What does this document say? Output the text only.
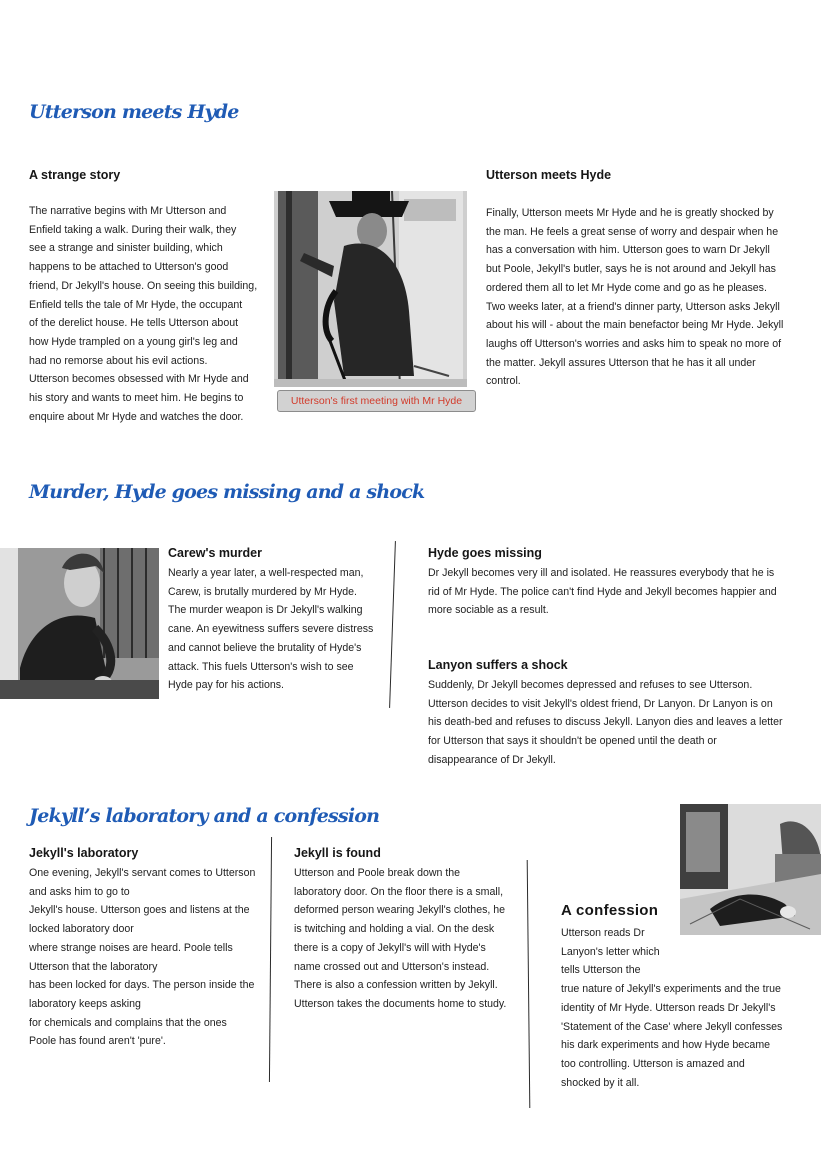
Utterson meets Hyde
A strange story
The narrative begins with Mr Utterson and
Enfield taking a walk. During their walk, they
see a strange and sinister building, which
happens to be attached to Utterson's good
friend, Dr Jekyll's house. On seeing this building,
Enfield tells the tale of Mr Hyde, the occupant
of the derelict house. He tells Utterson about
how Hyde trampled on a young girl's leg and
had no remorse about his evil actions.
Utterson becomes obsessed with Mr Hyde and
his story and wants to meet him. He begins to
enquire about Mr Hyde and watches the door.
Utterson's first meeting with Mr Hyde
Utterson meets Hyde
Finally, Utterson meets Mr Hyde and he is greatly shocked by
the man. He feels a great sense of worry and despair when he
has a conversation with him. Utterson goes to warn Dr Jekyll
but Poole, Jekyll's butler, says he is not around and Jekyll has
ordered them all to let Mr Hyde come and go as he pleases.
Two weeks later, at a friend's dinner party, Utterson asks Jekyll
about his will - about the main benefactor being Mr Hyde. Jekyll
laughs off Utterson's worries and asks him to speak no more of
the matter. Jekyll assures Utterson that he has it all under
control.
Murder, Hyde goes missing and a shock
Carew's murder
Nearly a year later, a well-respected man,
Carew, is brutally murdered by Mr Hyde.
The murder weapon is Dr Jekyll's walking
cane. An eyewitness suffers severe distress
and cannot believe the brutality of Hyde's
attack. This fuels Utterson's wish to see
Hyde pay for his actions.
Hyde goes missing
Dr Jekyll becomes very ill and isolated. He reassures everybody that he is
rid of Mr Hyde. The police can't find Hyde and Jekyll becomes happier and
more sociable as a result.
Lanyon suffers a shock
Suddenly, Dr Jekyll becomes depressed and refuses to see Utterson.
Utterson decides to visit Jekyll's oldest friend, Dr Lanyon. Dr Lanyon is on
his death-bed and refuses to discuss Jekyll. Lanyon dies and leaves a letter
for Utterson that says it shouldn't be opened until the death or
disappearance of Dr Jekyll.
Jekyll’s laboratory and a confession
Jekyll's laboratory
One evening, Jekyll's servant comes to Utterson
and asks him to go to
Jekyll's house. Utterson goes and listens at the
locked laboratory door
where strange noises are heard. Poole tells
Utterson that the laboratory
has been locked for days. The person inside the
laboratory keeps asking
for chemicals and complains that the ones
Poole has found aren't 'pure'.
Jekyll is found
Utterson and Poole break down the
laboratory door. On the floor there is a small,
deformed person wearing Jekyll's clothes, he
is twitching and holding a vial. On the desk
there is a copy of Jekyll's will with Hyde's
name crossed out and Utterson's instead.
There is also a confession written by Jekyll.
Utterson takes the documents home to study.
A confession
Utterson reads Dr
Lanyon's letter which
tells Utterson the
true nature of Jekyll's experiments and the true
identity of Mr Hyde. Utterson reads Dr Jekyll's
'Statement of the Case' where Jekyll confesses
his dark experiments and how Hyde became
too controlling. Utterson is amazed and
shocked by it all.
